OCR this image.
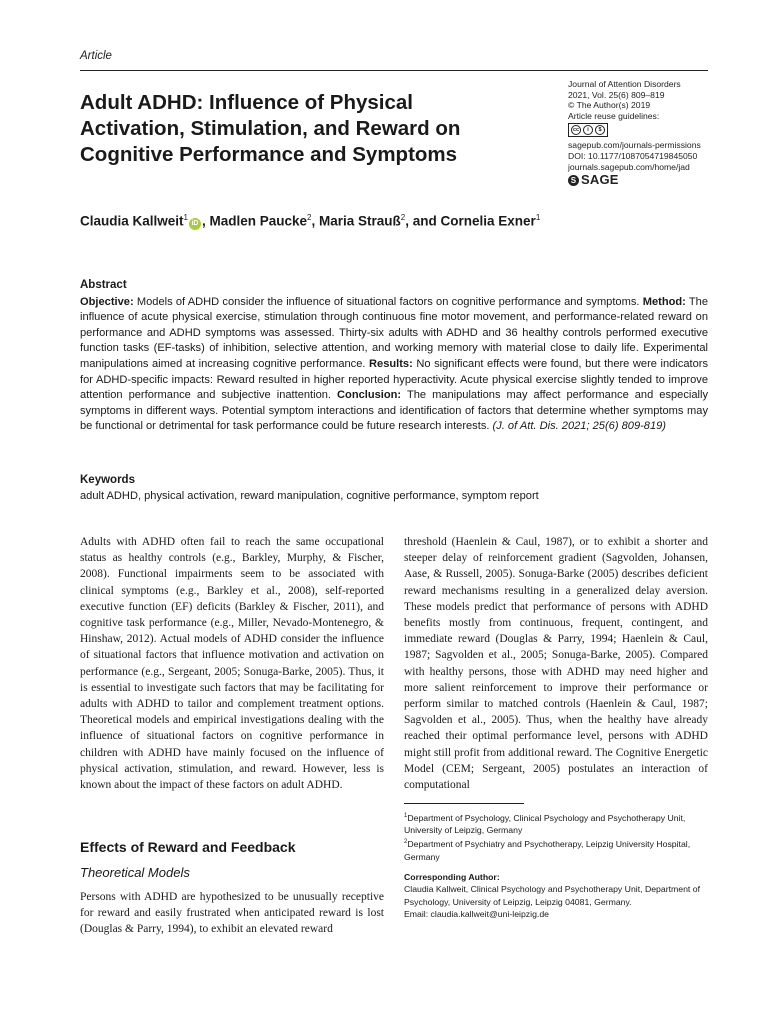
Article
Adult ADHD: Influence of Physical
Activation, Stimulation, and Reward on
Cognitive Performance and Symptoms
Journal of Attention Disorders
2021, Vol. 25(6) 809–819
© The Author(s) 2019
Article reuse guidelines:
cc	i	$
sagepub.com/journals-permissions
DOI: 10.1177/1087054719845050
journals.sagepub.com/home/jad
S SAGE
Claudia Kallweit$^1$iD , Madlen Paucke$^2$, Maria Strauß$^2$, and Cornelia Exner$^1$
Abstract
Objective: Models of ADHD consider the influence of situational factors on cognitive performance and symptoms. Method: The influence of acute physical exercise, stimulation through continuous fine motor movement, and performance-related reward on performance and ADHD symptoms was assessed. Thirty-six adults with ADHD and 36 healthy controls performed executive function tasks (EF-tasks) of inhibition, selective attention, and working memory with material close to daily life. Experimental manipulations aimed at increasing cognitive performance. Results: No significant effects were found, but there were indicators for ADHD-specific impacts: Reward resulted in higher reported hyperactivity. Acute physical exercise slightly tended to improve attention performance and subjective inattention. Conclusion: The manipulations may affect performance and especially symptoms in different ways. Potential symptom interactions and identification of factors that determine whether symptoms may be functional or detrimental for task performance could be future research interests. (J. of Att. Dis. 2021; 25(6) 809-819)
Keywords
adult ADHD, physical activation, reward manipulation, cognitive performance, symptom report
Adults with ADHD often fail to reach the same occupational status as healthy controls (e.g., Barkley, Murphy, & Fischer, 2008). Functional impairments seem to be associated with clinical symptoms (e.g., Barkley et al., 2008), self-reported executive function (EF) deficits (Barkley & Fischer, 2011), and cognitive task performance (e.g., Miller, Nevado-Montenegro, & Hinshaw, 2012). Actual models of ADHD consider the influence of situational factors that influence motivation and activation on performance (e.g., Sergeant, 2005; Sonuga-Barke, 2005). Thus, it is essential to investigate such factors that may be facilitating for adults with ADHD to tailor and complement treatment options. Theoretical models and empirical investigations dealing with the influence of situational factors on cognitive performance in children with ADHD have mainly focused on the influence of physical activation, stimulation, and reward. However, less is known about the impact of these factors on adult ADHD.
Effects of Reward and Feedback
Theoretical Models
Persons with ADHD are hypothesized to be unusually receptive for reward and easily frustrated when anticipated reward is lost (Douglas & Parry, 1994), to exhibit an elevated reward
threshold (Haenlein & Caul, 1987), or to exhibit a shorter and steeper delay of reinforcement gradient (Sagvolden, Johansen, Aase, & Russell, 2005). Sonuga-Barke (2005) describes deficient reward mechanisms resulting in a generalized delay aversion. These models predict that performance of persons with ADHD benefits mostly from continuous, frequent, contingent, and immediate reward (Douglas & Parry, 1994; Haenlein & Caul, 1987; Sagvolden et al., 2005; Sonuga-Barke, 2005). Compared with healthy persons, those with ADHD may need higher and more salient reinforcement to improve their performance or perform similar to matched controls (Haenlein & Caul, 1987; Sagvolden et al., 2005). Thus, when the healthy have already reached their optimal performance level, persons with ADHD might still profit from additional reward. The Cognitive Energetic Model (CEM; Sergeant, 2005) postulates an interaction of computational
$^1$Department of Psychology, Clinical Psychology and Psychotherapy Unit, University of Leipzig, Germany
$^2$Department of Psychiatry and Psychotherapy, Leipzig University Hospital, Germany
Corresponding Author:
Claudia Kallweit, Clinical Psychology and Psychotherapy Unit, Department of Psychology, University of Leipzig, Leipzig 04081, Germany.
Email: claudia.kallweit@uni-leipzig.de
